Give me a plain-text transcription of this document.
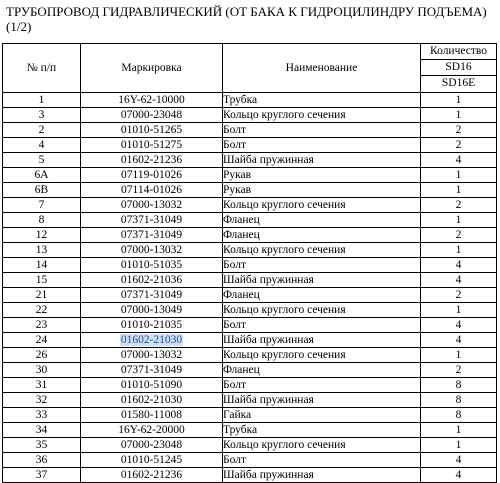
ТРУБОПРОВОД ГИДРАВЛИЧЕСКИЙ (ОТ БАКА К ГИДРОЦИЛИНДРУ ПОДЪЕМА)
(1/2)
№ п/п	Маркировка	Наименование	Количество
SD16
SD16E

1	16Y-62-10000	Трубка	1
3	07000-23048	Кольцо круглого сечения	1
2	01010-51265	Болт	2
4	01010-51275	Болт	2
5	01602-21236	Шайба пружинная	4
6A	07119-01026	Рукав	1
6B	07114-01026	Рукав	1
7	07000-13032	Кольцо круглого сечения	2
8	07371-31049	Фланец	1
12	07371-31049	Фланец	2
13	07000-13032	Кольцо круглого сечения	1
14	01010-51035	Болт	4
15	01602-21036	Шайба пружинная	4
21	07371-31049	Фланец	2
22	07000-13049	Кольцо круглого сечения	1
23	01010-21035	Болт	4
24	01602-21030	Шайба пружинная	4
26	07000-13032	Кольцо круглого сечения	1
30	07371-31049	Фланец	2
31	01010-51090	Болт	8
32	01602-21030	Шайба пружинная	8
33	01580-11008	Гайка	8
34	16Y-62-20000	Трубка	1
35	07000-23048	Кольцо круглого сечения	1
36	01010-51245	Болт	4
37	01602-21236	Шайба пружинная	4
